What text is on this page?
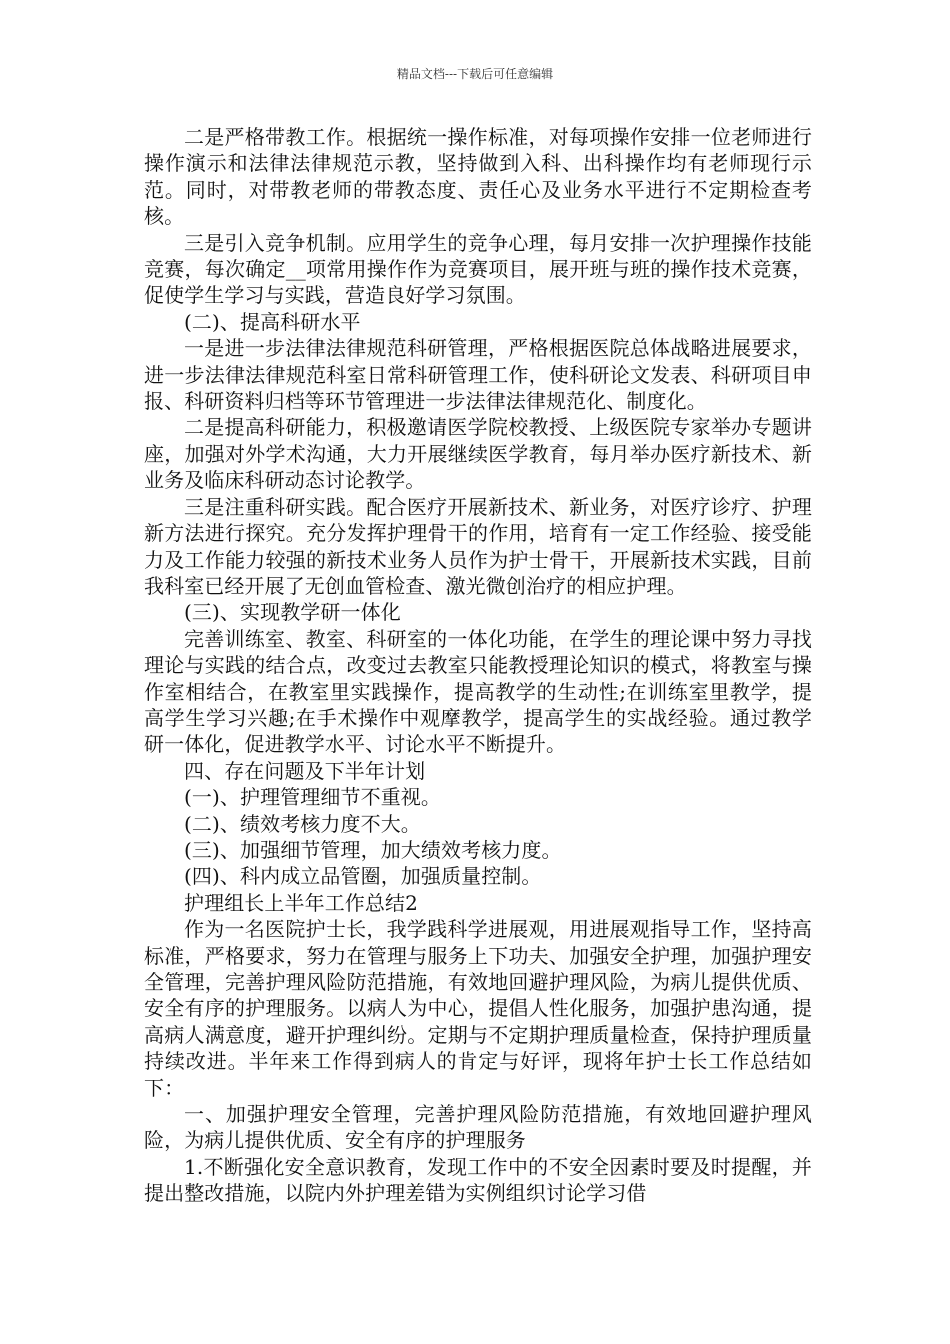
精品文档---下载后可任意编辑

二是严格带教工作。根据统一操作标准，对每项操作安排一位老师进行操作演示和法律法律规范示教，坚持做到入科、出科操作均有老师现行示范。同时，对带教老师的带教态度、责任心及业务水平进行不定期检查考核。

三是引入竞争机制。应用学生的竞争心理，每月安排一次护理操作技能竞赛，每次确定__项常用操作作为竞赛项目，展开班与班的操作技术竞赛，促使学生学习与实践，营造良好学习氛围。

(二)、提高科研水平

一是进一步法律法律规范科研管理，严格根据医院总体战略进展要求，进一步法律法律规范科室日常科研管理工作，使科研论文发表、科研项目申报、科研资料归档等环节管理进一步法律法律规范化、制度化。

二是提高科研能力，积极邀请医学院校教授、上级医院专家举办专题讲座，加强对外学术沟通，大力开展继续医学教育，每月举办医疗新技术、新业务及临床科研动态讨论教学。

三是注重科研实践。配合医疗开展新技术、新业务，对医疗诊疗、护理新方法进行探究。充分发挥护理骨干的作用，培育有一定工作经验、接受能力及工作能力较强的新技术业务人员作为护士骨干，开展新技术实践，目前我科室已经开展了无创血管检查、激光微创治疗的相应护理。

(三)、实现教学研一体化

完善训练室、教室、科研室的一体化功能，在学生的理论课中努力寻找理论与实践的结合点，改变过去教室只能教授理论知识的模式，将教室与操作室相结合，在教室里实践操作，提高教学的生动性;在训练室里教学，提高学生学习兴趣;在手术操作中观摩教学，提高学生的实战经验。通过教学研一体化，促进教学水平、讨论水平不断提升。

四、存在问题及下半年计划

(一)、护理管理细节不重视。

(二)、绩效考核力度不大。

(三)、加强细节管理，加大绩效考核力度。

(四)、科内成立品管圈，加强质量控制。

护理组长上半年工作总结2

作为一名医院护士长，我学践科学进展观，用进展观指导工作，坚持高标准，严格要求，努力在管理与服务上下功夫、加强安全护理，加强护理安全管理，完善护理风险防范措施，有效地回避护理风险，为病儿提供优质、安全有序的护理服务。以病人为中心，提倡人性化服务，加强护患沟通，提高病人满意度，避开护理纠纷。定期与不定期护理质量检查，保持护理质量持续改进。半年来工作得到病人的肯定与好评，现将年护士长工作总结如下：

一、加强护理安全管理，完善护理风险防范措施，有效地回避护理风险，为病儿提供优质、安全有序的护理服务

1.不断强化安全意识教育，发现工作中的不安全因素时要及时提醒，并提出整改措施，以院内外护理差错为实例组织讨论学习借
